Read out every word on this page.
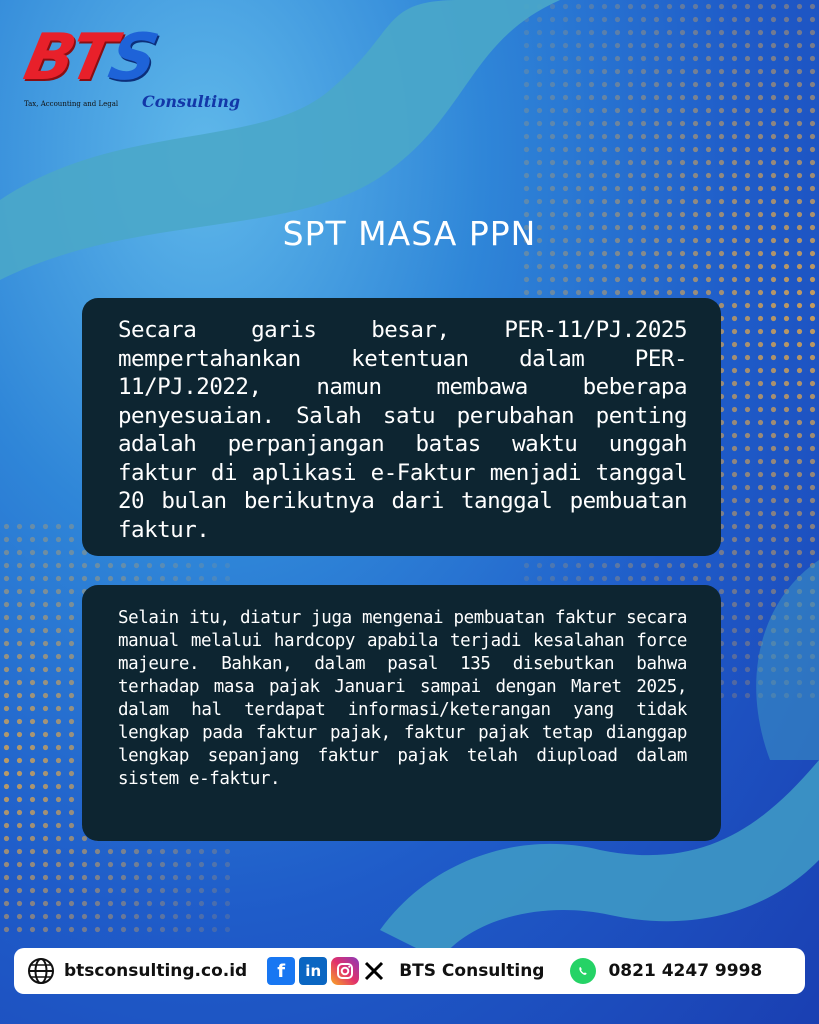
BTS
Tax, Accounting and Legal Consulting
SPT MASA PPN

Secara garis besar, PER-11/PJ.2025 mempertahankan ketentuan dalam PER-11/PJ.2022, namun membawa beberapa penyesuaian. Salah satu perubahan penting adalah perpanjangan batas waktu unggah faktur di aplikasi e-Faktur menjadi tanggal 20 bulan berikutnya dari tanggal pembuatan faktur.

Selain itu, diatur juga mengenai pembuatan faktur secara manual melalui hardcopy apabila terjadi kesalahan force majeure. Bahkan, dalam pasal 135 disebutkan bahwa terhadap masa pajak Januari sampai dengan Maret 2025, dalam hal terdapat informasi/keterangan yang tidak lengkap pada faktur pajak, faktur pajak tetap dianggap lengkap sepanjang faktur pajak telah diupload dalam sistem e-faktur.

btsconsulting.co.id	f	in	BTS Consulting	0821 4247 9998
